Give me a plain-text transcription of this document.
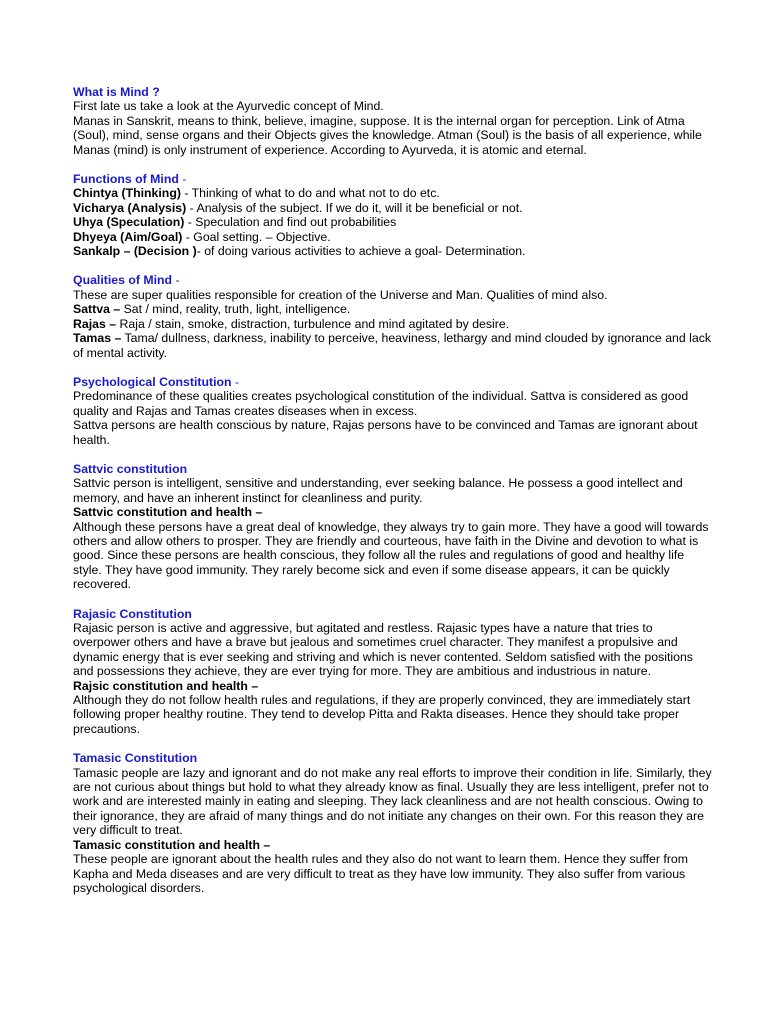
What is Mind ?

First late us take a look at the Ayurvedic concept of Mind.

Manas in Sanskrit, means to think, believe, imagine, suppose. It is the internal organ for perception. Link of Atma (Soul), mind, sense organs and their Objects gives the knowledge. Atman (Soul) is the basis of all experience, while Manas (mind) is only instrument of experience. According to Ayurveda, it is atomic and eternal.

Functions of Mind -

Chintya (Thinking) - Thinking of what to do and what not to do etc.

Vicharya (Analysis) - Analysis of the subject. If we do it, will it be beneficial or not.

Uhya (Speculation) - Speculation and find out probabilities

Dhyeya (Aim/Goal) - Goal setting. – Objective.

Sankalp – (Decision )- of doing various activities to achieve a goal- Determination.

Qualities of Mind -

These are super qualities responsible for creation of the Universe and Man. Qualities of mind also.

Sattva – Sat / mind, reality, truth, light, intelligence.

Rajas – Raja / stain, smoke, distraction, turbulence and mind agitated by desire.

Tamas – Tama/ dullness, darkness, inability to perceive, heaviness, lethargy and mind clouded by ignorance and lack of mental activity.

Psychological Constitution -

Predominance of these qualities creates psychological constitution of the individual. Sattva is considered as good quality and Rajas and Tamas creates diseases when in excess.

Sattva persons are health conscious by nature, Rajas persons have to be convinced and Tamas are ignorant about health.

Sattvic constitution

Sattvic person is intelligent, sensitive and understanding, ever seeking balance. He possess a good intellect and memory, and have an inherent instinct for cleanliness and purity.

Sattvic constitution and health –

Although these persons have a great deal of knowledge, they always try to gain more. They have a good will towards others and allow others to prosper. They are friendly and courteous, have faith in the Divine and devotion to what is good. Since these persons are health conscious, they follow all the rules and regulations of good and healthy life style. They have good immunity. They rarely become sick and even if some disease appears, it can be quickly recovered.

Rajasic Constitution

Rajasic person is active and aggressive, but agitated and restless. Rajasic types have a nature that tries to overpower others and have a brave but jealous and sometimes cruel character. They manifest a propulsive and dynamic energy that is ever seeking and striving and which is never contented. Seldom satisfied with the positions and possessions they achieve, they are ever trying for more. They are ambitious and industrious in nature.

Rajsic constitution and health –

Although they do not follow health rules and regulations, if they are properly convinced, they are immediately start following proper healthy routine. They tend to develop Pitta and Rakta diseases. Hence they should take proper precautions.

Tamasic Constitution

Tamasic people are lazy and ignorant and do not make any real efforts to improve their condition in life. Similarly, they are not curious about things but hold to what they already know as final. Usually they are less intelligent, prefer not to work and are interested mainly in eating and sleeping. They lack cleanliness and are not health conscious. Owing to their ignorance, they are afraid of many things and do not initiate any changes on their own. For this reason they are very difficult to treat.

Tamasic constitution and health –

These people are ignorant about the health rules and they also do not want to learn them. Hence they suffer from Kapha and Meda diseases and are very difficult to treat as they have low immunity. They also suffer from various psychological disorders.
